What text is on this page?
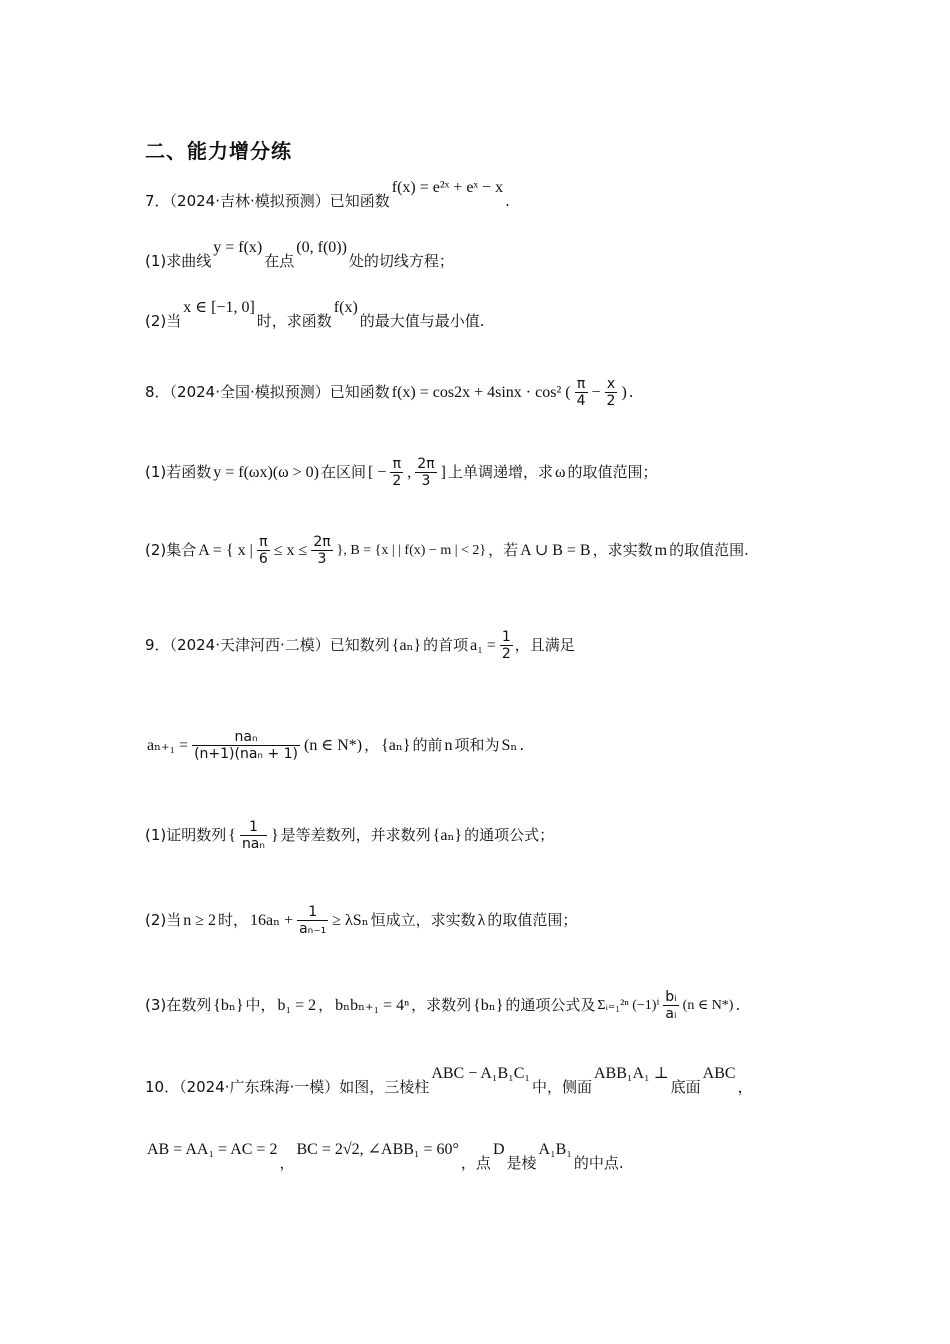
二、能力增分练
7．（2024·吉林·模拟预测）已知函数f(x) = e²ˣ + eˣ − x.
(1)求曲线y = f(x)在点(0, f(0))处的切线方程；
(2)当x ∈ [−1, 0]时，求函数f(x)的最大值与最小值.
8．（2024·全国·模拟预测）已知函数 f(x) = cos2x + 4sinx · cos² ( $\frac{\pi}{4} - \frac{x}{2}$ ) .
(1)若函数 y = f(ωx)(ω > 0) 在区间 [ − $\frac{\pi}{2}$ , $\frac{2\pi}{3}$ ] 上单调递增，求 ω 的取值范围；
(2)集合 A = { x | $\frac{\pi}{6} \le x \le \frac{2\pi}{3}$ }, B = {x | | f(x) − m | < 2} ，若 A ∪ B = B ，求实数 m 的取值范围.
9．（2024·天津河西·二模）已知数列 {aₙ} 的首项 $a_1 = \frac{1}{2}$ ，且满足
$a_{n+1} = \frac{\text{naₙ}}{\text{(n+1)(naₙ + 1)}} (n$ ∈ N*) ， {aₙ} 的前 n 项和为 Sₙ .
(1)证明数列 { $\frac{1}{\text{naₙ}}$ } 是等差数列，并求数列 {aₙ} 的通项公式；
(2)当 n ≥ 2 时， $16a_n + \frac{1}{\text{aₙ₋₁}} \ge \lambda S_n$ 恒成立，求实数 λ 的取值范围；
(3)在数列 {bₙ} 中， b₁ = 2 ， bₙbₙ₊₁ = 4ⁿ ，求数列 {bₙ} 的通项公式及 Σᵢ₌₁²ⁿ $(-1)^i \frac{\text{bᵢ}}{\text{aᵢ}} (n$ ∈ N*) .
10．（2024·广东珠海·一模）如图，三棱柱ABC − A₁B₁C₁中，侧面ABB₁A₁ ⊥底面ABC，
AB = AA₁ = AC = 2，BC = 2√2, ∠ABB₁ = 60°，点D是棱A₁B₁的中点.
